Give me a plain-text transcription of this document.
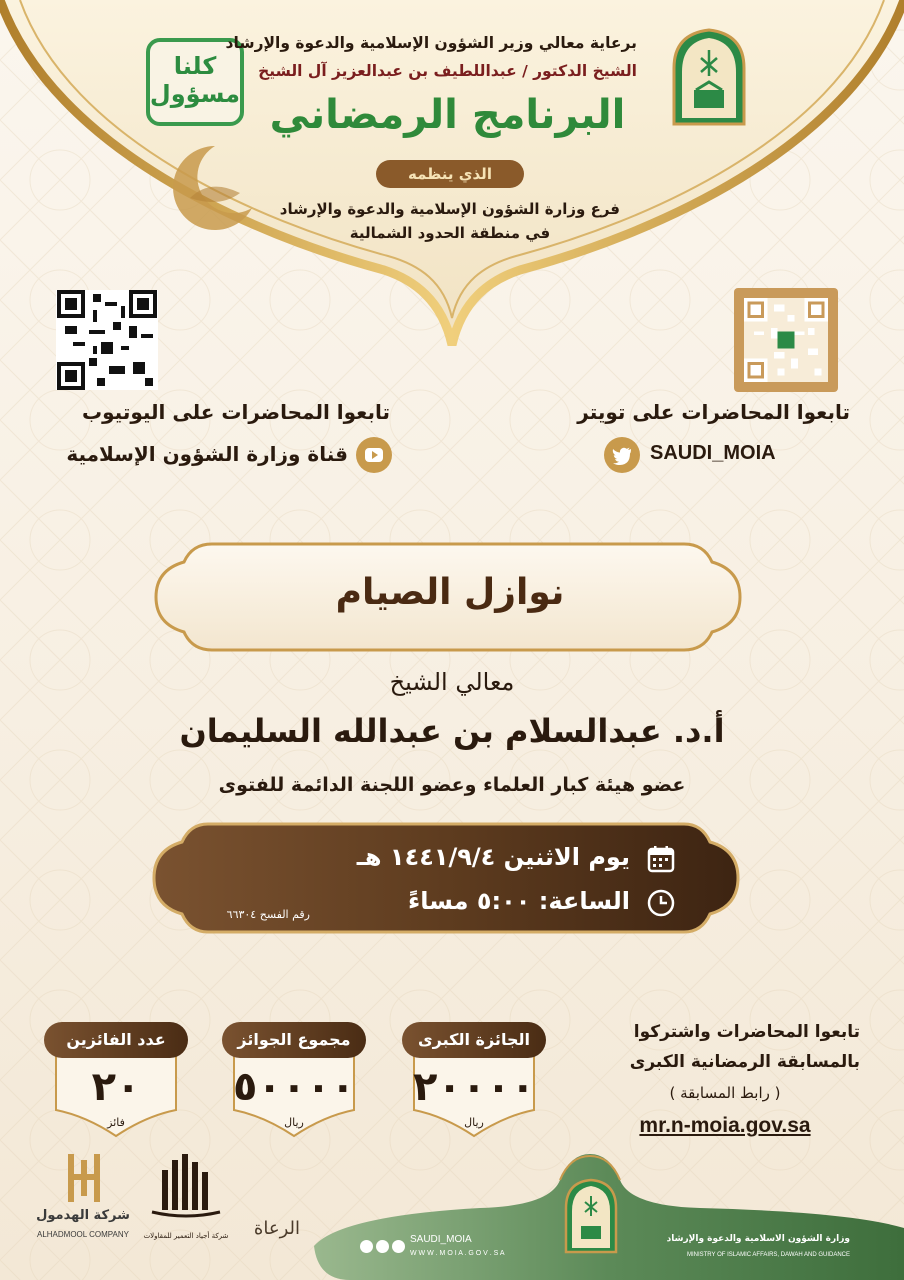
كلنا مسؤول
برعاية معالي وزير الشؤون الإسلامية والدعوة والإرشاد
الشيخ الدكتور / عبداللطيف بن عبدالعزيز آل الشيخ
البرنامج الرمضاني
الذي ينظمه
فرع وزارة الشؤون الإسلامية والدعوة والإرشاد
في منطقة الحدود الشمالية
تابعوا المحاضرات على اليوتيوب
قناة وزارة الشؤون الإسلامية
تابعوا المحاضرات على تويتر
SAUDI_MOIA
نوازل الصيام
معالي الشيخ
أ.د. عبدالسلام بن عبدالله السليمان
عضو هيئة كبار العلماء وعضو اللجنة الدائمة للفتوى
يوم الاثنين ١٤٤١/٩/٤ هـ
الساعة: ٥:٠٠ مساءً
رقم الفسح ٦٦٣٠٤
تابعوا المحاضرات واشتركوا
بالمسابقة الرمضانية الكبرى
( رابط المسابقة )
mr.n-moia.gov.sa
الجائزة الكبرى
٢٠٠٠٠
ريال
مجموع الجوائز
٥٠٠٠٠
ريال
عدد الفائزين
٢٠
فائز
الرعاة
شركة أجياد التعمير للمقاولات
شركة الهدمول
ALHADMOOL COMPANY	SAUDI_MOIA
W W W . M O I A . G O V . S A
وزارة الشؤون الاسلامية والدعوة والإرشاد
MINISTRY OF ISLAMIC AFFAIRS, DAWAH AND GUIDANCE
